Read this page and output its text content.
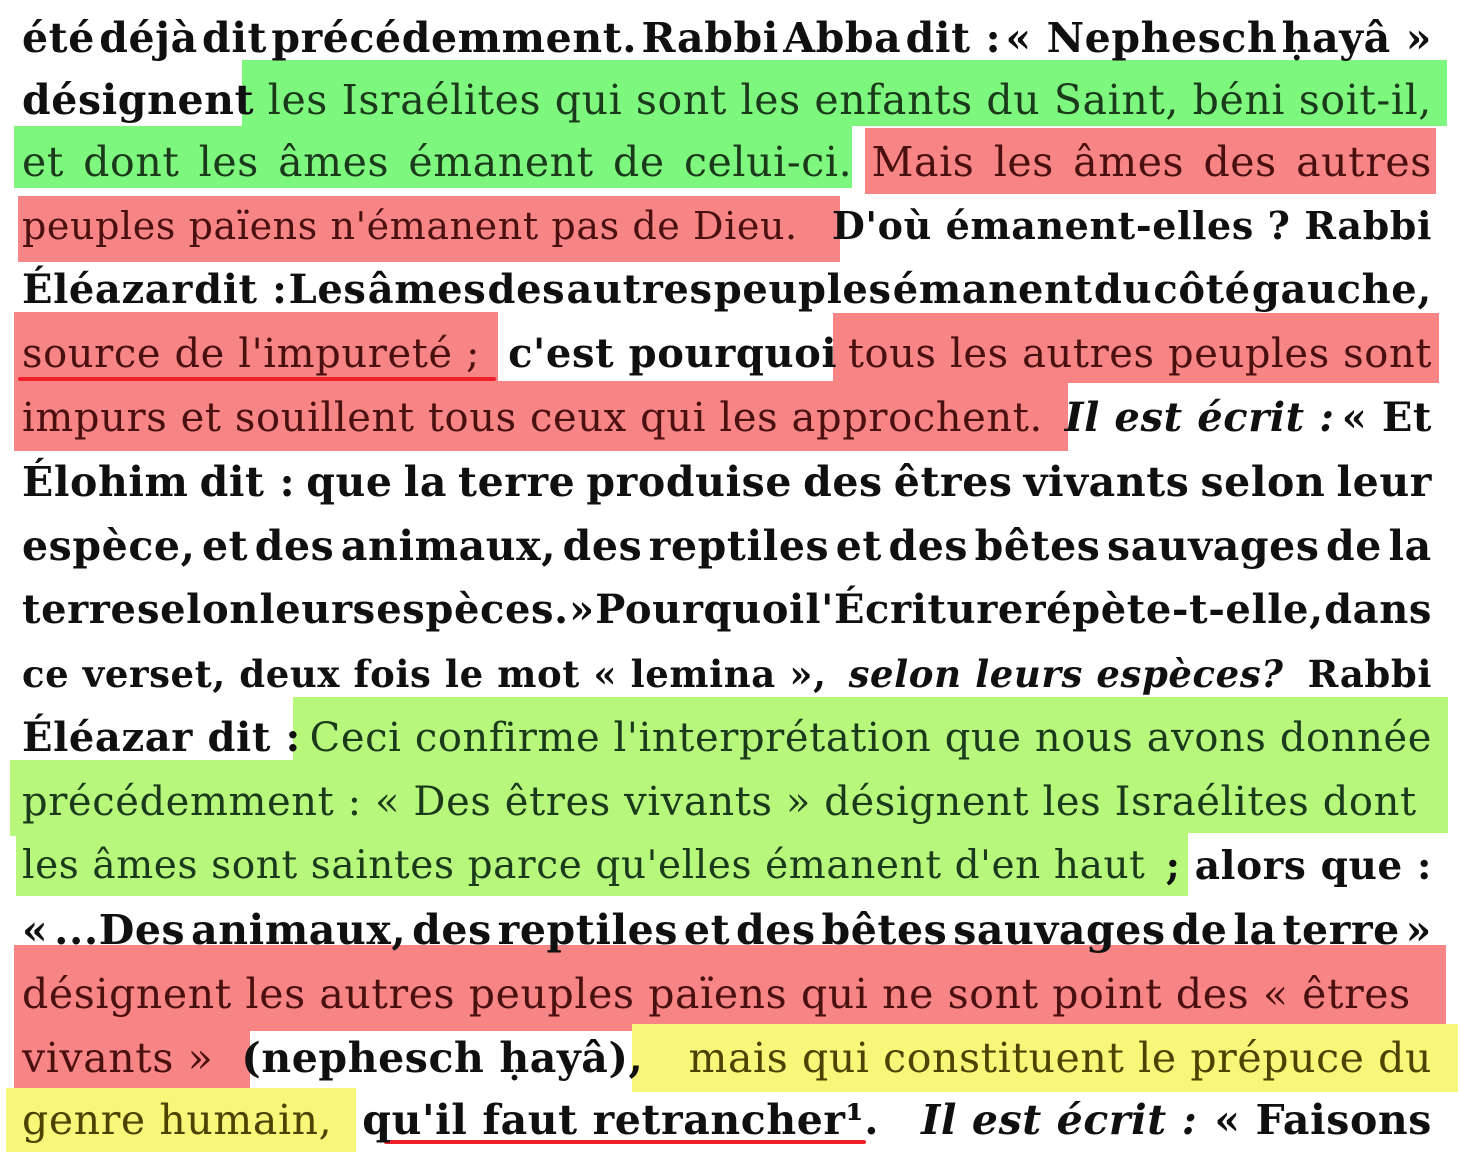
été déjà dit précédemment. Rabbi Abba dit : « Nephesch ḥayâ »
désignent les Israélites qui sont les enfants du Saint, béni soit-il,
et dont les âmes émanent de celui-ci. Mais les âmes des autres
peuples païens n'émanent pas de Dieu. D'où émanent-elles ? Rabbi
Éléazar dit : Les âmes des autres peuples émanent du côté gauche,
source de l'impureté ; c'est pourquoi tous les autres peuples sont
impurs et souillent tous ceux qui les approchent. Il est écrit : « Et
Élohim dit : que la terre produise des êtres vivants selon leur
espèce, et des animaux, des reptiles et des bêtes sauvages de la
terre selon leurs espèces. » Pourquoi l'Écriture répète-t-elle, dans
ce verset, deux fois le mot « lemina », selon leurs espèces? Rabbi
Éléazar dit : Ceci confirme l'interprétation que nous avons donnée
précédemment : « Des êtres vivants » désignent les Israélites dont
les âmes sont saintes parce qu'elles émanent d'en haut ; alors que :
« ...Des animaux, des reptiles et des bêtes sauvages de la terre »
désignent les autres peuples païens qui ne sont point des « êtres
vivants » (nephesch ḥayâ), mais qui constituent le prépuce du
genre humain, qu'il faut retrancher¹. Il est écrit : « Faisons
